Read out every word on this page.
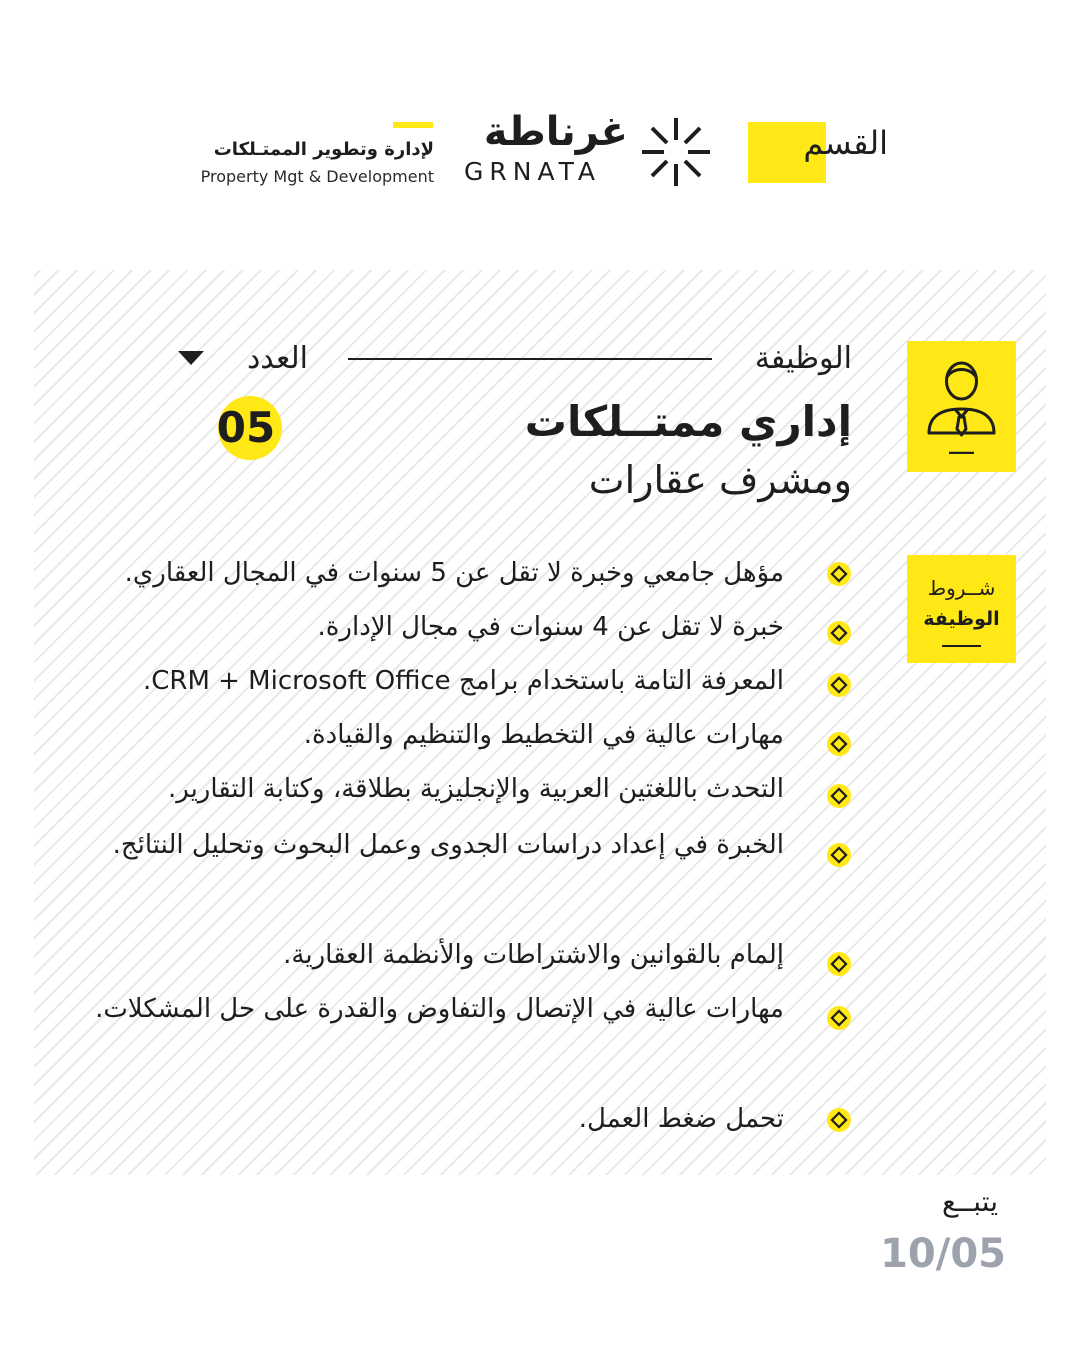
القسم
غرناطة
GRNATA
لإدارة وتطوير الممتـلكات
Property Mgt & Development
شــروط
الوظيفة
الوظيفة
العدد
05	إداري ممتــلكات
ومشرف عقارات
مؤهل جامعي وخبرة لا تقل عن 5 سنوات في المجال العقاري.
خبرة لا تقل عن 4 سنوات في مجال الإدارة.
المعرفة التامة باستخدام برامج CRM + Microsoft Office.
مهارات عالية في التخطيط والتنظيم والقيادة.
التحدث باللغتين العربية والإنجليزية بطلاقة، وكتابة التقارير.
الخبرة في إعداد دراسات الجدوى وعمل البحوث وتحليل النتائج.
إلمام بالقوانين والاشتراطات والأنظمة العقارية.
مهارات عالية في الإتصال والتفاوض والقدرة على حل المشكلات.
تحمل ضغط العمل.
يتبــع
10/05
